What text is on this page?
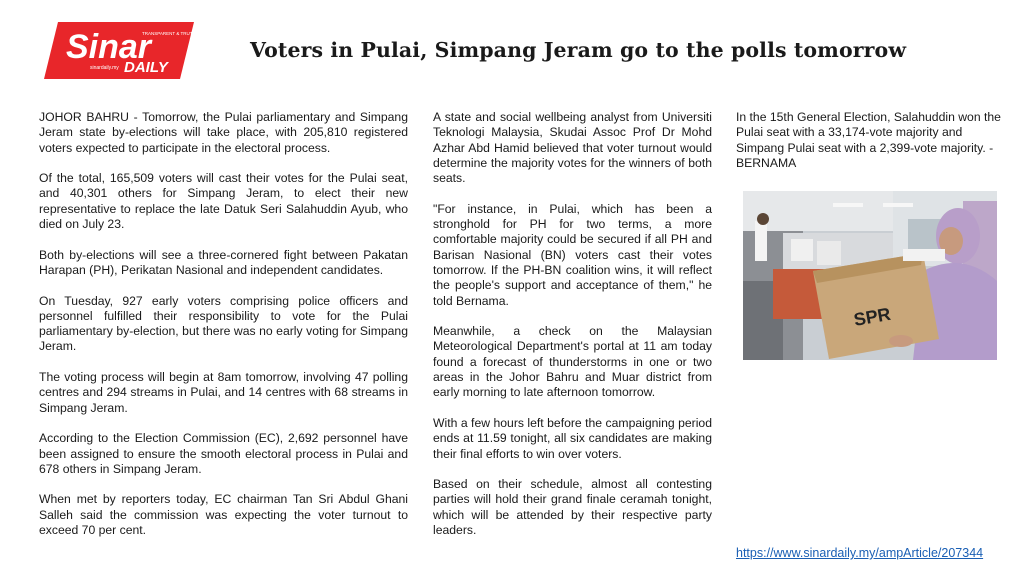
Sinar
TRANSPARENT & TRUTHFUL
sinardaily.my DAILY
Voters in Pulai, Simpang Jeram go to the polls tomorrow

JOHOR BAHRU - Tomorrow, the Pulai parliamentary and Simpang Jeram state by-elections will take place, with 205,810 registered voters expected to participate in the electoral process.

Of the total, 165,509 voters will cast their votes for the Pulai seat, and 40,301 others for Simpang Jeram, to elect their new representative to replace the late Datuk Seri Salahuddin Ayub, who died on July 23.

Both by-elections will see a three-cornered fight between Pakatan Harapan (PH), Perikatan Nasional and independent candidates.

On Tuesday, 927 early voters comprising police officers and personnel fulfilled their responsibility to vote for the Pulai parliamentary by-election, but there was no early voting for Simpang Jeram.

The voting process will begin at 8am tomorrow, involving 47 polling centres and 294 streams in Pulai, and 14 centres with 68 streams in Simpang Jeram.

According to the Election Commission (EC), 2,692 personnel have been assigned to ensure the smooth electoral process in Pulai and 678 others in Simpang Jeram.

When met by reporters today, EC chairman Tan Sri Abdul Ghani Salleh said the commission was expecting the voter turnout to exceed 70 per cent.

A state and social wellbeing analyst from Universiti Teknologi Malaysia, Skudai Assoc Prof Dr Mohd Azhar Abd Hamid believed that voter turnout would determine the majority votes for the winners of both seats.

"For instance, in Pulai, which has been a stronghold for PH for two terms, a more comfortable majority could be secured if all PH and Barisan Nasional (BN) voters cast their votes tomorrow. If the PH-BN coalition wins, it will reflect the people's support and acceptance of them," he told Bernama.

Meanwhile, a check on the Malaysian Meteorological Department's portal at 11 am today found a forecast of thunderstorms in one or two areas in the Johor Bahru and Muar district from early morning to late afternoon tomorrow.

With a few hours left before the campaigning period ends at 11.59 tonight, all six candidates are making their final efforts to win over voters.

Based on their schedule, almost all contesting parties will hold their grand finale ceramah tonight, which will be attended by their respective party leaders.

In the 15th General Election, Salahuddin won the Pulai seat with a 33,174-vote majority and Simpang Pulai seat with a 2,399-vote majority. - BERNAMA

SPR
https://www.sinardaily.my/ampArticle/207344
